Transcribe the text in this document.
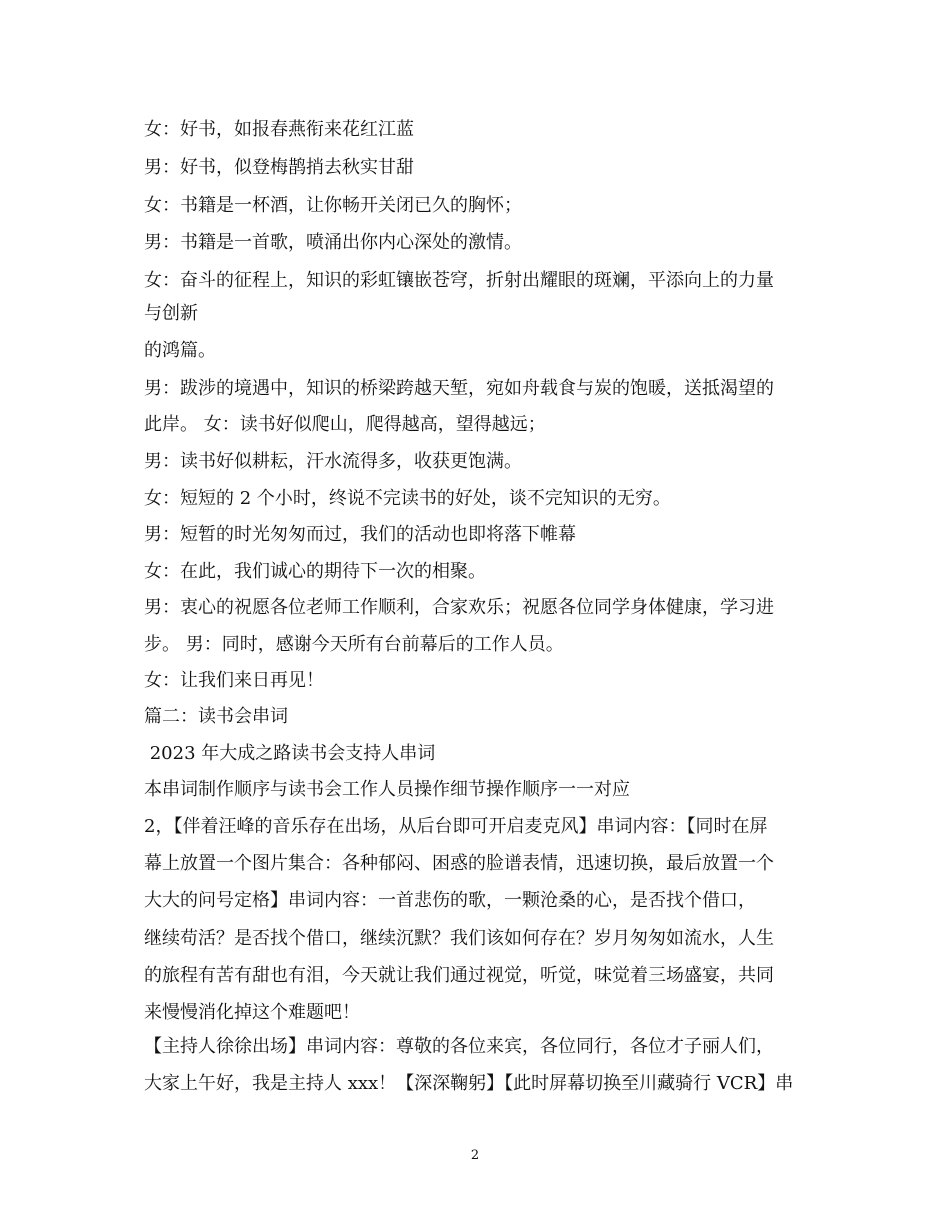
女：好书，如报春燕衔来花红江蓝
男：好书，似登梅鹊捎去秋实甘甜
女：书籍是一杯酒，让你畅开关闭已久的胸怀；
男：书籍是一首歌，喷涌出你内心深处的激情。
女：奋斗的征程上，知识的彩虹镶嵌苍穹，折射出耀眼的斑斓，平添向上的力量
与创新
的鸿篇。
男：跋涉的境遇中，知识的桥梁跨越天堑，宛如舟载食与炭的饱暖，送抵渴望的
此岸。 女：读书好似爬山，爬得越高，望得越远；
男：读书好似耕耘，汗水流得多，收获更饱满。
女：短短的 2 个小时，终说不完读书的好处，谈不完知识的无穷。
男：短暂的时光匆匆而过，我们的活动也即将落下帷幕
女：在此，我们诚心的期待下一次的相聚。
男：衷心的祝愿各位老师工作顺利，合家欢乐；祝愿各位同学身体健康，学习进
步。 男：同时，感谢今天所有台前幕后的工作人员。
女：让我们来日再见！
篇二：读书会串词
2023 年大成之路读书会支持人串词
本串词制作顺序与读书会工作人员操作细节操作顺序一一对应
2，【伴着汪峰的音乐存在出场，从后台即可开启麦克风】串词内容：【同时在屏
幕上放置一个图片集合：各种郁闷、困惑的脸谱表情，迅速切换，最后放置一个
大大的问号定格】串词内容：一首悲伤的歌，一颗沧桑的心，是否找个借口，
继续苟活？是否找个借口，继续沉默？我们该如何存在？岁月匆匆如流水，人生
的旅程有苦有甜也有泪，今天就让我们通过视觉，听觉，味觉着三场盛宴，共同
来慢慢消化掉这个难题吧！
【主持人徐徐出场】串词内容：尊敬的各位来宾，各位同行，各位才子丽人们，
大家上午好，我是主持人 xxx！【深深鞠躬】【此时屏幕切换至川藏骑行 VCR】串
2
